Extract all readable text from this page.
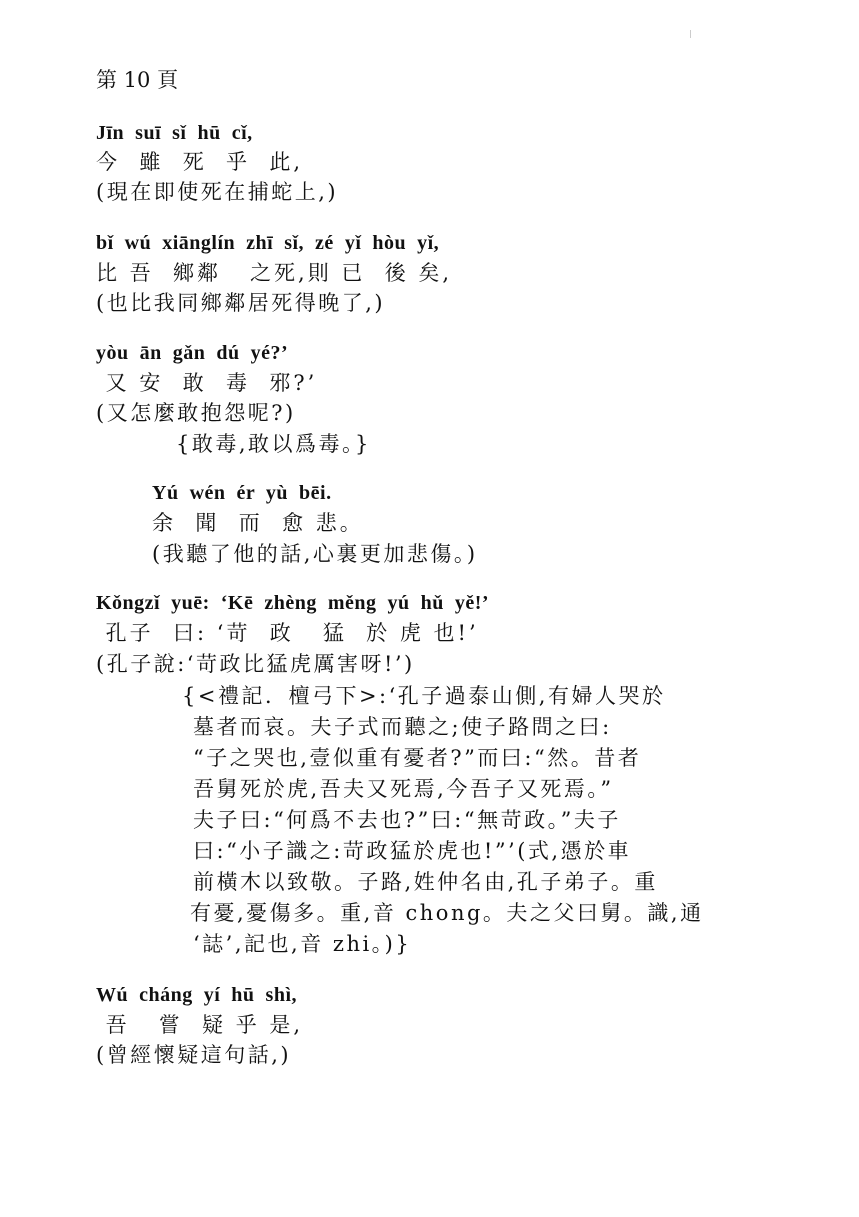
第 10 頁
Jīn  suī  sǐ  hū  cǐ,
今  雖  死  乎  此,
(現在即使死在捕蛇上,)
bǐ  wú  xiānglín  zhī  sǐ,  zé  yǐ  hòu  yǐ,
比 吾  鄉鄰   之死,則 已  後 矣,
(也比我同鄉鄰居死得晚了,)
yòu  ān  gǎn  dú  yé?’
又 安  敢  毒  邪?’
(又怎麼敢抱怨呢?)
{敢毒,敢以爲毒。}
Yú  wén  ér  yù  bēi.
余  聞  而  愈 悲。
(我聽了他的話,心裏更加悲傷。)
Kǒngzǐ  yuē:  ‘Kē  zhèng  měng  yú  hǔ  yě!’
孔子  曰: ‘苛  政   猛  於 虎 也!’
(孔子說:‘苛政比猛虎厲害呀!’)
{<禮記．檀弓下>:‘孔子過泰山側,有婦人哭於
墓者而哀。夫子式而聽之;使子路問之曰:
“子之哭也,壹似重有憂者?”而曰:“然。昔者
吾舅死於虎,吾夫又死焉,今吾子又死焉。”
夫子曰:“何爲不去也?”曰:“無苛政。”夫子
曰:“小子識之:苛政猛於虎也!”’(式,憑於車
前橫木以致敬。子路,姓仲名由,孔子弟子。重
有憂,憂傷多。重,音 chong。夫之父曰舅。識,通
‘誌’,記也,音 zhi。)}
Wú  cháng  yí  hū  shì,
吾   嘗  疑 乎 是,
(曾經懷疑這句話,)
